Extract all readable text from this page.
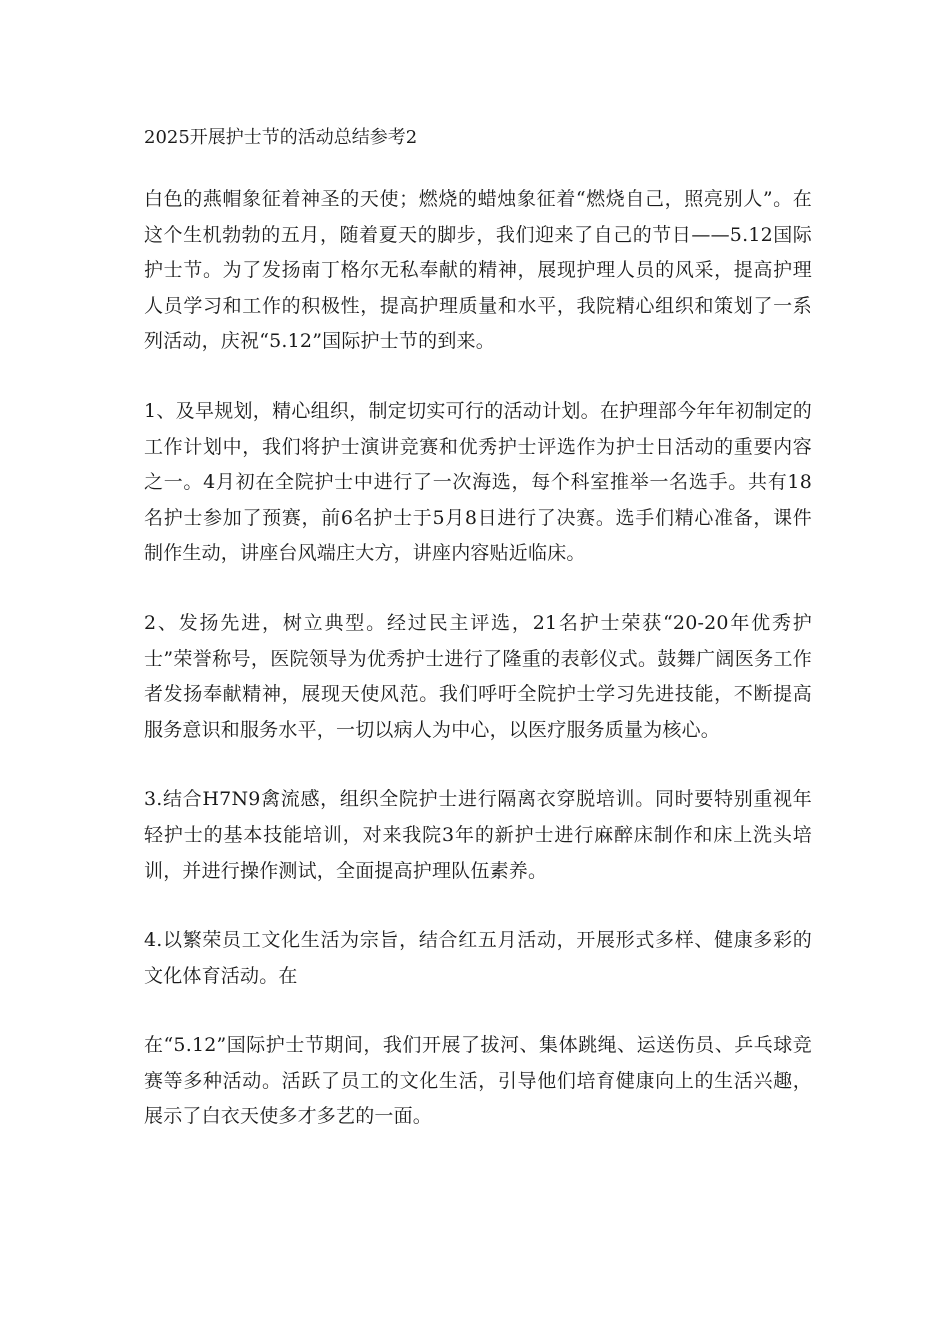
2025开展护士节的活动总结参考2

白色的燕帽象征着神圣的天使；燃烧的蜡烛象征着“燃烧自己，照亮别人”。在这个生机勃勃的五月，随着夏天的脚步，我们迎来了自己的节日——5.12国际护士节。为了发扬南丁格尔无私奉献的精神，展现护理人员的风采，提高护理人员学习和工作的积极性，提高护理质量和水平，我院精心组织和策划了一系列活动，庆祝“5.12”国际护士节的到来。

1、及早规划，精心组织，制定切实可行的活动计划。在护理部今年年初制定的工作计划中，我们将护士演讲竞赛和优秀护士评选作为护士日活动的重要内容之一。4月初在全院护士中进行了一次海选，每个科室推举一名选手。共有18名护士参加了预赛，前6名护士于5月8日进行了决赛。选手们精心准备，课件制作生动，讲座台风端庄大方，讲座内容贴近临床。

2、发扬先进，树立典型。经过民主评选，21名护士荣获“20-20年优秀护士”荣誉称号，医院领导为优秀护士进行了隆重的表彰仪式。鼓舞广阔医务工作者发扬奉献精神，展现天使风范。我们呼吁全院护士学习先进技能，不断提高服务意识和服务水平，一切以病人为中心，以医疗服务质量为核心。

3.结合H7N9禽流感，组织全院护士进行隔离衣穿脱培训。同时要特别重视年轻护士的基本技能培训，对来我院3年的新护士进行麻醉床制作和床上洗头培训，并进行操作测试，全面提高护理队伍素养。

4.以繁荣员工文化生活为宗旨，结合红五月活动，开展形式多样、健康多彩的文化体育活动。在

在“5.12”国际护士节期间，我们开展了拔河、集体跳绳、运送伤员、乒乓球竞赛等多种活动。活跃了员工的文化生活，引导他们培育健康向上的生活兴趣，展示了白衣天使多才多艺的一面。
